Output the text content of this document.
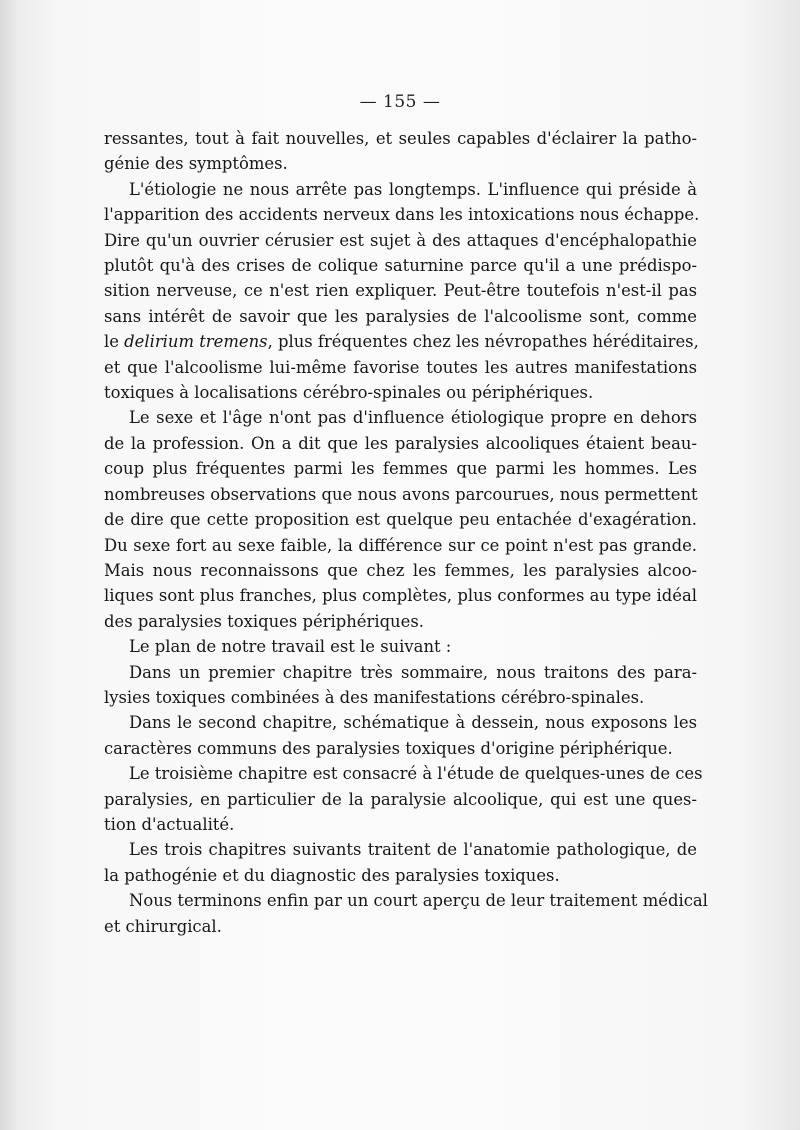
— 155 —
ressantes, tout à fait nouvelles, et seules capables d'éclairer la patho-
génie des symptômes.
L'étiologie ne nous arrête pas longtemps. L'influence qui préside à
l'apparition des accidents nerveux dans les intoxications nous échappe.
Dire qu'un ouvrier cérusier est sujet à des attaques d'encéphalopathie
plutôt qu'à des crises de colique saturnine parce qu'il a une prédispo-
sition nerveuse, ce n'est rien expliquer. Peut-être toutefois n'est-il pas
sans intérêt de savoir que les paralysies de l'alcoolisme sont, comme
le delirium tremens, plus fréquentes chez les névropathes héréditaires,
et que l'alcoolisme lui-même favorise toutes les autres manifestations
toxiques à localisations cérébro-spinales ou périphériques.
Le sexe et l'âge n'ont pas d'influence étiologique propre en dehors
de la profession. On a dit que les paralysies alcooliques étaient beau-
coup plus fréquentes parmi les femmes que parmi les hommes. Les
nombreuses observations que nous avons parcourues, nous permettent
de dire que cette proposition est quelque peu entachée d'exagération.
Du sexe fort au sexe faible, la différence sur ce point n'est pas grande.
Mais nous reconnaissons que chez les femmes, les paralysies alcoo-
liques sont plus franches, plus complètes, plus conformes au type idéal
des paralysies toxiques périphériques.
Le plan de notre travail est le suivant :
Dans un premier chapitre très sommaire, nous traitons des para-
lysies toxiques combinées à des manifestations cérébro-spinales.
Dans le second chapitre, schématique à dessein, nous exposons les
caractères communs des paralysies toxiques d'origine périphérique.
Le troisième chapitre est consacré à l'étude de quelques-unes de ces
paralysies, en particulier de la paralysie alcoolique, qui est une ques-
tion d'actualité.
Les trois chapitres suivants traitent de l'anatomie pathologique, de
la pathogénie et du diagnostic des paralysies toxiques.
Nous terminons enfin par un court aperçu de leur traitement médical
et chirurgical.
